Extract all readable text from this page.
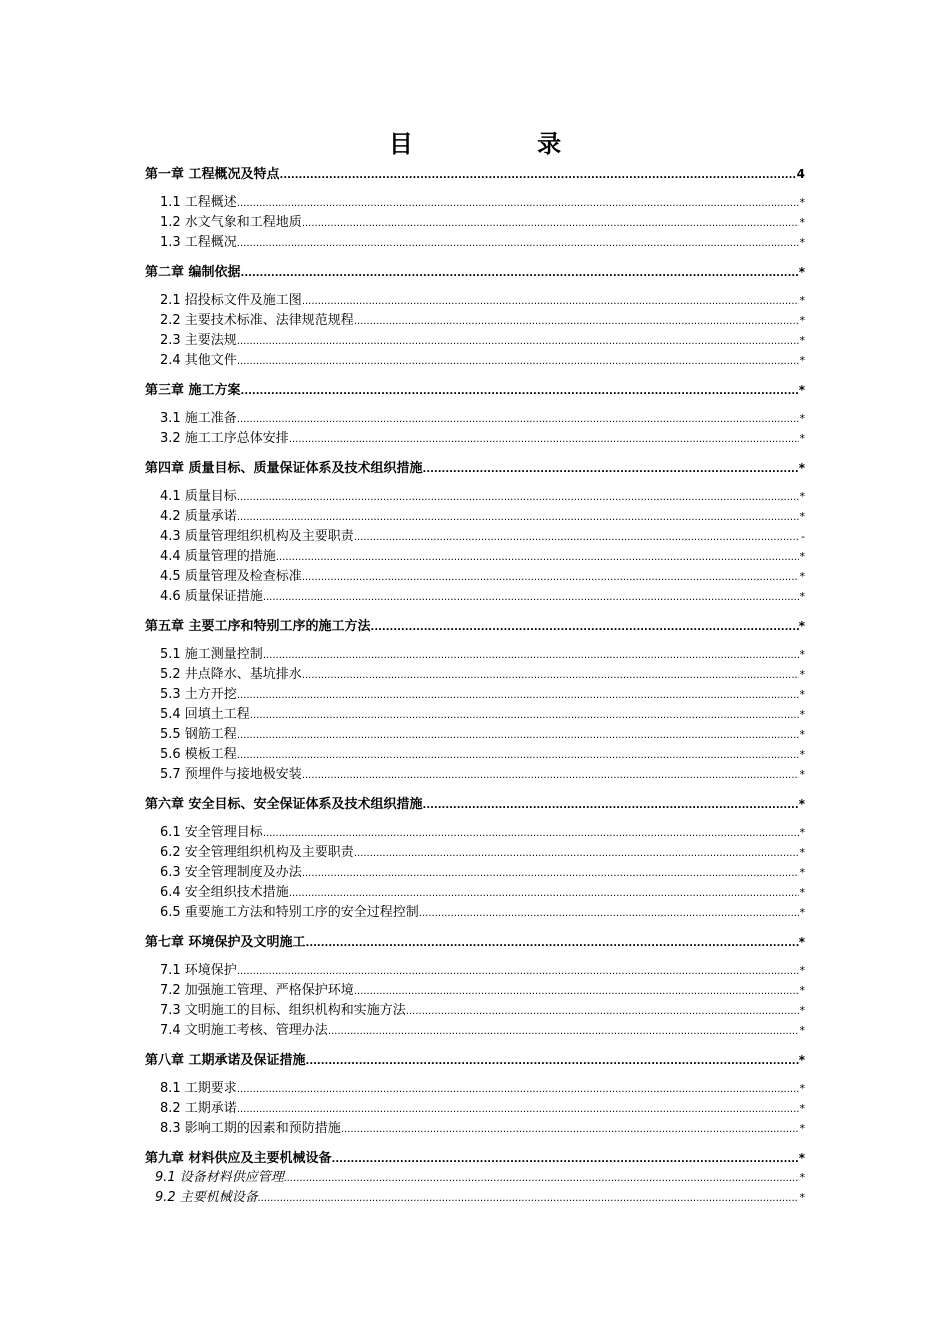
目 录
第一章 工程概况及特点 .....	4
1.1 工程概述 .....	*
1.2 水文气象和工程地质 .....	*
1.3 工程概况 .....	*
第二章 编制依据 .....	*
2.1 招投标文件及施工图 .....	*
2.2 主要技术标准、法律规范规程 .....	*
2.3 主要法规 .....	*
2.4 其他文件 .....	*
第三章 施工方案 .....	*
3.1 施工准备 .....	*
3.2 施工工序总体安排 .....	*
第四章 质量目标、质量保证体系及技术组织措施 .....	*
4.1 质量目标 .....	*
4.2 质量承诺 .....	*
4.3 质量管理组织机构及主要职责 .....	-
4.4 质量管理的措施 .....	*
4.5 质量管理及检查标准 .....	*
4.6 质量保证措施 .....	*
第五章 主要工序和特别工序的施工方法 .....	*
5.1 施工测量控制 .....	*
5.2 井点降水、基坑排水 .....	*
5.3 土方开挖 .....	*
5.4 回填土工程 .....	*
5.5 钢筋工程 .....	*
5.6 模板工程 .....	*
5.7 预埋件与接地极安装 .....	*
第六章 安全目标、安全保证体系及技术组织措施 .....	*
6.1 安全管理目标 .....	*
6.2 安全管理组织机构及主要职责 .....	*
6.3 安全管理制度及办法 .....	*
6.4 安全组织技术措施 .....	*
6.5 重要施工方法和特别工序的安全过程控制 .....	*
第七章 环境保护及文明施工 .....	*
7.1 环境保护 .....	*
7.2 加强施工管理、严格保护环境 .....	*
7.3 文明施工的目标、组织机构和实施方法 .....	*
7.4 文明施工考核、管理办法 .....	*
第八章 工期承诺及保证措施 .....	*
8.1 工期要求 .....	*
8.2 工期承诺 .....	*
8.3 影响工期的因素和预防措施 .....	*
第九章 材料供应及主要机械设备 .....	*
9.1 设备材料供应管理 .....	*
9.2 主要机械设备 .....	*
